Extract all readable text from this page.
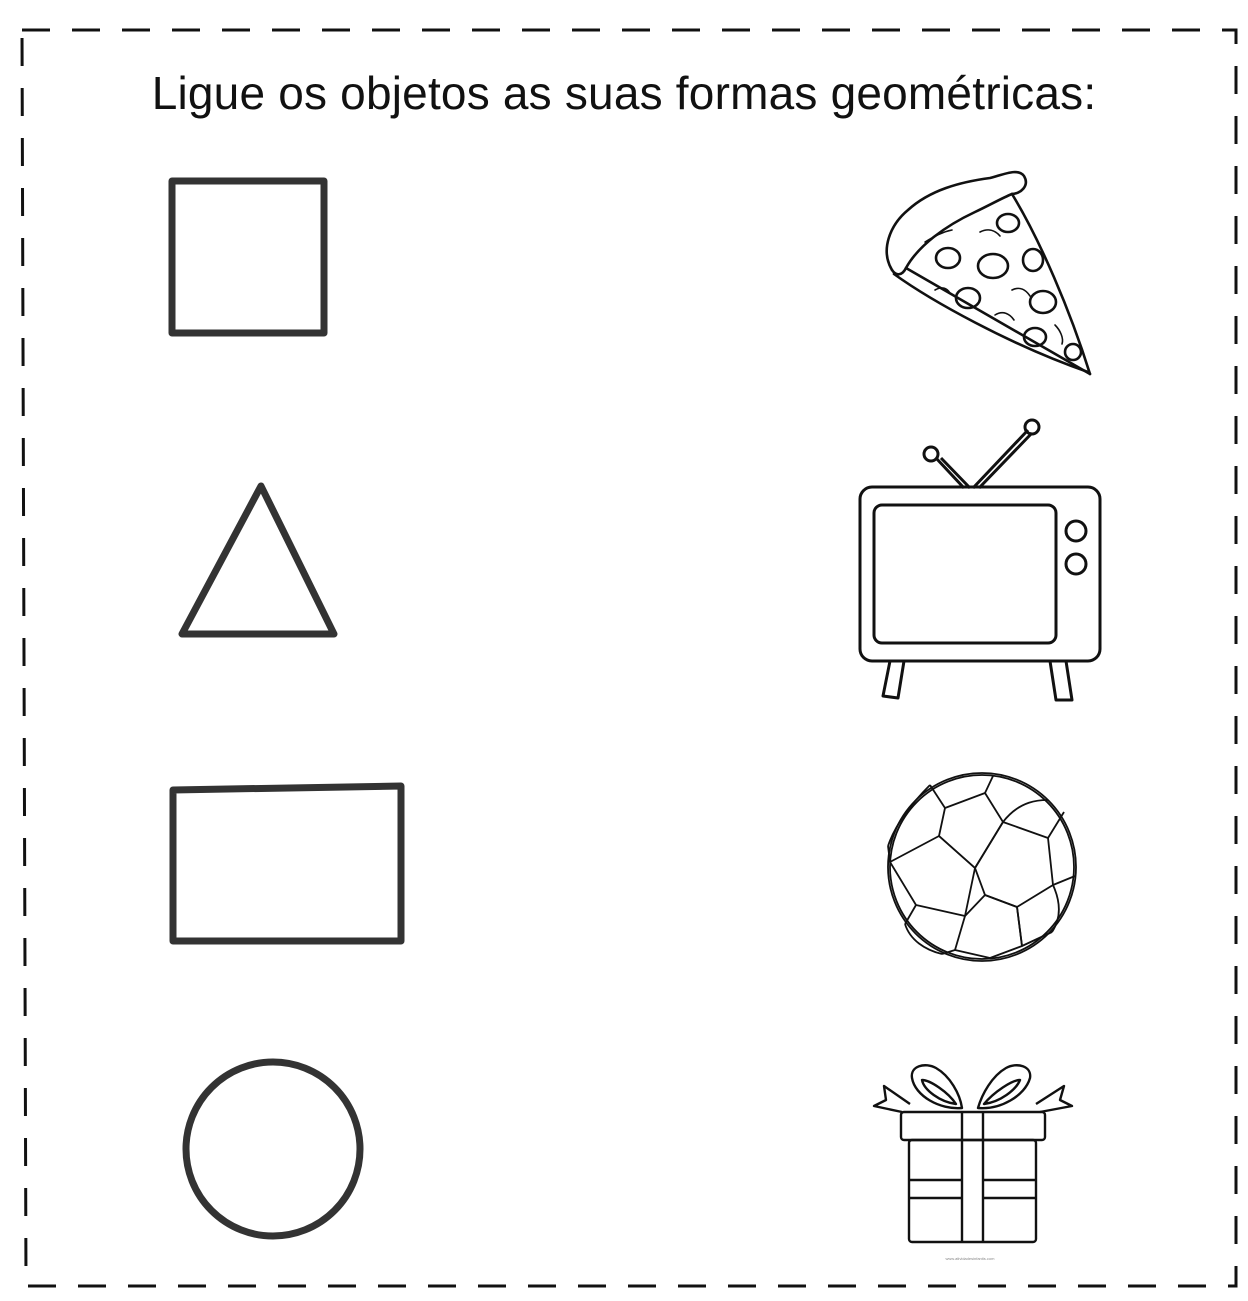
Ligue os objetos as suas formas geométricas:
www.atividadesinfantis.com
